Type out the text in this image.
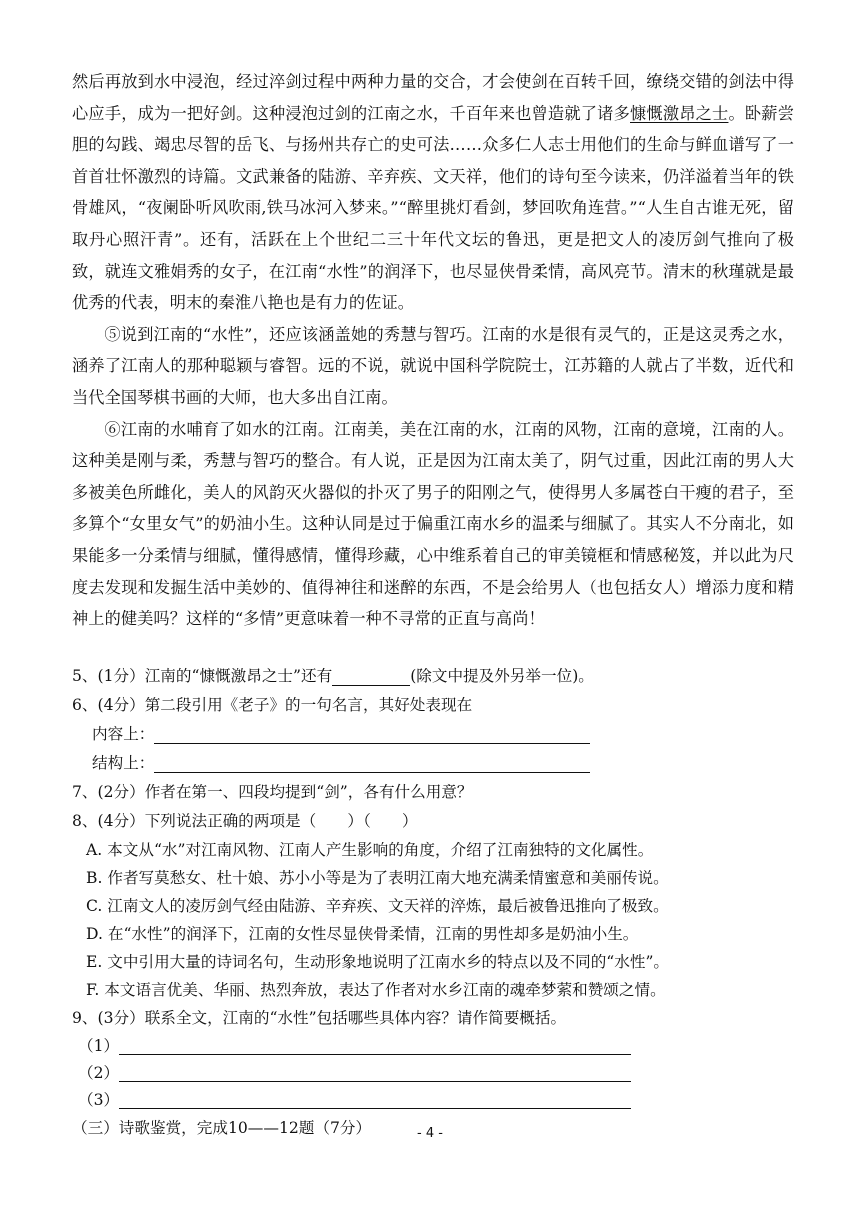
然后再放到水中浸泡，经过淬剑过程中两种力量的交合，才会使剑在百转千回，缭绕交错的剑法中得心应手，成为一把好剑。这种浸泡过剑的江南之水，千百年来也曾造就了诸多慷慨激昂之士。卧薪尝胆的勾践、竭忠尽智的岳飞、与扬州共存亡的史可法……众多仁人志士用他们的生命与鲜血谱写了一首首壮怀激烈的诗篇。文武兼备的陆游、辛弃疾、文天祥，他们的诗句至今读来，仍洋溢着当年的铁骨雄风，“夜阑卧听风吹雨,铁马冰河入梦来。”“醉里挑灯看剑，梦回吹角连营。”“人生自古谁无死，留取丹心照汗青”。还有，活跃在上个世纪二三十年代文坛的鲁迅，更是把文人的凌厉剑气推向了极致，就连文雅娟秀的女子，在江南“水性”的润泽下，也尽显侠骨柔情，高风亮节。清末的秋瑾就是最优秀的代表，明末的秦淮八艳也是有力的佐证。

⑤说到江南的“水性”，还应该涵盖她的秀慧与智巧。江南的水是很有灵气的，正是这灵秀之水，涵养了江南人的那种聪颖与睿智。远的不说，就说中国科学院院士，江苏籍的人就占了半数，近代和当代全国琴棋书画的大师，也大多出自江南。

⑥江南的水哺育了如水的江南。江南美，美在江南的水，江南的风物，江南的意境，江南的人。这种美是刚与柔，秀慧与智巧的整合。有人说，正是因为江南太美了，阴气过重，因此江南的男人大多被美色所雌化，美人的风韵灭火器似的扑灭了男子的阳刚之气，使得男人多属苍白干瘦的君子，至多算个“女里女气”的奶油小生。这种认同是过于偏重江南水乡的温柔与细腻了。其实人不分南北，如果能多一分柔情与细腻，懂得感情，懂得珍藏，心中维系着自己的审美镜框和情感秘笈，并以此为尺度去发现和发掘生活中美妙的、值得神往和迷醉的东西，不是会给男人（也包括女人）增添力度和精神上的健美吗？这样的“多情”更意味着一种不寻常的正直与高尚！

5、(1分）江南的“慷慨激昂之士”还有	(除文中提及外另举一位)。
6、(4分）第二段引用《老子》的一句名言，其好处表现在
内容上：
结构上：
7、(2分）作者在第一、四段均提到“剑”，各有什么用意？
8、(4分）下列说法正确的两项是（　　）（　　）
A. 本文从“水”对江南风物、江南人产生影响的角度，介绍了江南独特的文化属性。
B. 作者写莫愁女、杜十娘、苏小小等是为了表明江南大地充满柔情蜜意和美丽传说。
C. 江南文人的凌厉剑气经由陆游、辛弃疾、文天祥的淬炼，最后被鲁迅推向了极致。
D. 在“水性”的润泽下，江南的女性尽显侠骨柔情，江南的男性却多是奶油小生。
E. 文中引用大量的诗词名句，生动形象地说明了江南水乡的特点以及不同的“水性”。
F. 本文语言优美、华丽、热烈奔放，表达了作者对水乡江南的魂牵梦萦和赞颂之情。
9、(3分）联系全文，江南的“水性”包括哪些具体内容？请作简要概括。
（1）
（2）
（3）
（三）诗歌鉴赏，完成10——12题（7分）	- 4 -
